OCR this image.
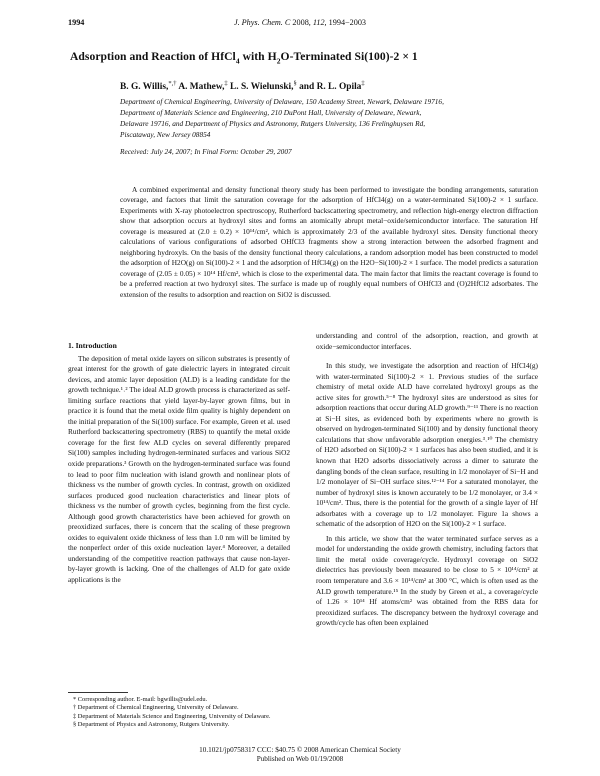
1994	J. Phys. Chem. C 2008, 112, 1994−2003
Adsorption and Reaction of HfCl$_4$ with $H_2O$-Terminated Si(100)-2 × 1
B. G. Willis,*,† A. Mathew,‡ L. S. Wielunski,§ and R. L. Opila‡
Department of Chemical Engineering, University of Delaware, 150 Academy Street, Newark, Delaware 19716,
Department of Materials Science and Engineering, 210 DuPont Hall, University of Delaware, Newark,
Delaware 19716, and Department of Physics and Astronomy, Rutgers University, 136 Frelinghuysen Rd,
Piscataway, New Jersey 08854
Received: July 24, 2007; In Final Form: October 29, 2007
A combined experimental and density functional theory study has been performed to investigate the bonding arrangements, saturation coverage, and factors that limit the saturation coverage for the adsorption of HfCl4(g) on a water-terminated Si(100)-2 × 1 surface. Experiments with X-ray photoelectron spectroscopy, Rutherford backscattering spectrometry, and reflection high-energy electron diffraction show that adsorption occurs at hydroxyl sites and forms an atomically abrupt metal−oxide/semiconductor interface. The saturation Hf coverage is measured at (2.0 ± 0.2) × 10¹⁴/cm², which is approximately 2/3 of the available hydroxyl sites. Density functional theory calculations of various configurations of adsorbed OHfCl3 fragments show a strong interaction between the adsorbed fragment and neighboring hydroxyls. On the basis of the density functional theory calculations, a random adsorption model has been constructed to model the adsorption of H2O(g) on Si(100)-2 × 1 and the adsorption of HfCl4(g) on the H2O−Si(100)-2 × 1 surface. The model predicts a saturation coverage of (2.05 ± 0.05) × 10¹⁴ Hf/cm², which is close to the experimental data. The main factor that limits the reactant coverage is found to be a preferred reaction at two hydroxyl sites. The surface is made up of roughly equal numbers of OHfCl3 and (O)2HfCl2 adsorbates. The extension of the results to adsorption and reaction on SiO2 is discussed.

1. Introduction

The deposition of metal oxide layers on silicon substrates is presently of great interest for the growth of gate dielectric layers in integrated circuit devices, and atomic layer deposition (ALD) is a leading candidate for the growth technique.¹˒² The ideal ALD growth process is characterized as self-limiting surface reactions that yield layer-by-layer grown films, but in practice it is found that the metal oxide film quality is highly dependent on the initial preparation of the Si(100) surface. For example, Green et al. used Rutherford backscattering spectrometry (RBS) to quantify the metal oxide coverage for the first few ALD cycles on several differently prepared Si(100) samples including hydrogen-terminated surfaces and various SiO2 oxide preparations.³ Growth on the hydrogen-terminated surface was found to lead to poor film nucleation with island growth and nonlinear plots of thickness vs the number of growth cycles. In contrast, growth on oxidized surfaces produced good nucleation characteristics and linear plots of thickness vs the number of growth cycles, beginning from the first cycle. Although good growth characteristics have been achieved for growth on preoxidized surfaces, there is concern that the scaling of these pregrown oxides to equivalent oxide thickness of less than 1.0 nm will be limited by the nonperfect order of this oxide nucleation layer.⁴ Moreover, a detailed understanding of the competitive reaction pathways that cause non-layer-by-layer growth is lacking. One of the challenges of ALD for gate oxide applications is the

understanding and control of the adsorption, reaction, and growth at oxide−semiconductor interfaces.

In this study, we investigate the adsorption and reaction of HfCl4(g) with water-terminated Si(100)-2 × 1. Previous studies of the surface chemistry of metal oxide ALD have correlated hydroxyl groups as the active sites for growth.⁵⁻⁸ The hydroxyl sites are understood as sites for adsorption reactions that occur during ALD growth.⁹⁻¹¹ There is no reaction at Si−H sites, as evidenced both by experiments where no growth is observed on hydrogen-terminated Si(100) and by density functional theory calculations that show unfavorable adsorption energies.³˒¹⁰ The chemistry of H2O adsorbed on Si(100)-2 × 1 surfaces has also been studied, and it is known that H2O adsorbs dissociatively across a dimer to saturate the dangling bonds of the clean surface, resulting in 1/2 monolayer of Si−H and 1/2 monolayer of Si−OH surface sites.¹²⁻¹⁴ For a saturated monolayer, the number of hydroxyl sites is known accurately to be 1/2 monolayer, or 3.4 × 10¹⁴/cm². Thus, there is the potential for the growth of a single layer of Hf adsorbates with a coverage up to 1/2 monolayer. Figure 1a shows a schematic of the adsorption of H2O on the Si(100)-2 × 1 surface.

In this article, we show that the water terminated surface serves as a model for understanding the oxide growth chemistry, including factors that limit the metal oxide coverage/cycle. Hydroxyl coverage on SiO2 dielectrics has previously been measured to be close to 5 × 10¹⁴/cm² at room temperature and 3.6 × 10¹⁴/cm² at 300 °C, which is often used as the ALD growth temperature.¹⁵ In the study by Green et al., a coverage/cycle of 1.26 × 10¹⁴ Hf atoms/cm² was obtained from the RBS data for preoxidized surfaces. The discrepancy between the hydroxyl coverage and growth/cycle has often been explained

* Corresponding author. E-mail: bgwillis@udel.edu.
† Department of Chemical Engineering, University of Delaware.
‡ Department of Materials Science and Engineering, University of Delaware.
§ Department of Physics and Astronomy, Rutgers University.
10.1021/jp0758317 CCC: $40.75 © 2008 American Chemical Society
Published on Web 01/19/2008
